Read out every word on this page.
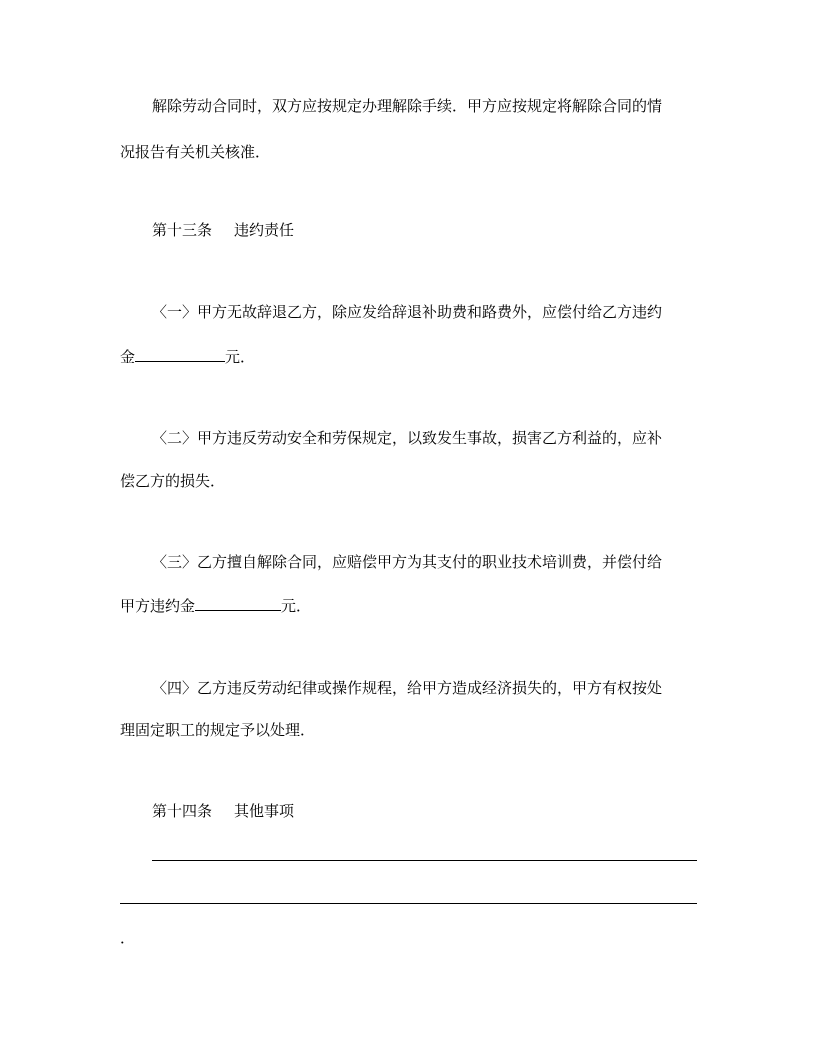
解除劳动合同时，双方应按规定办理解除手续．甲方应按规定将解除合同的情
况报告有关机关核准．
第十三条 违约责任
〈一〉甲方无故辞退乙方，除应发给辞退补助费和路费外，应偿付给乙方违约
金	元．
〈二〉甲方违反劳动安全和劳保规定，以致发生事故，损害乙方利益的，应补
偿乙方的损失．
〈三〉乙方擅自解除合同，应赔偿甲方为其支付的职业技术培训费，并偿付给
甲方违约金	元．
〈四〉乙方违反劳动纪律或操作规程，给甲方造成经济损失的，甲方有权按处
理固定职工的规定予以处理．
第十四条 其他事项
．
